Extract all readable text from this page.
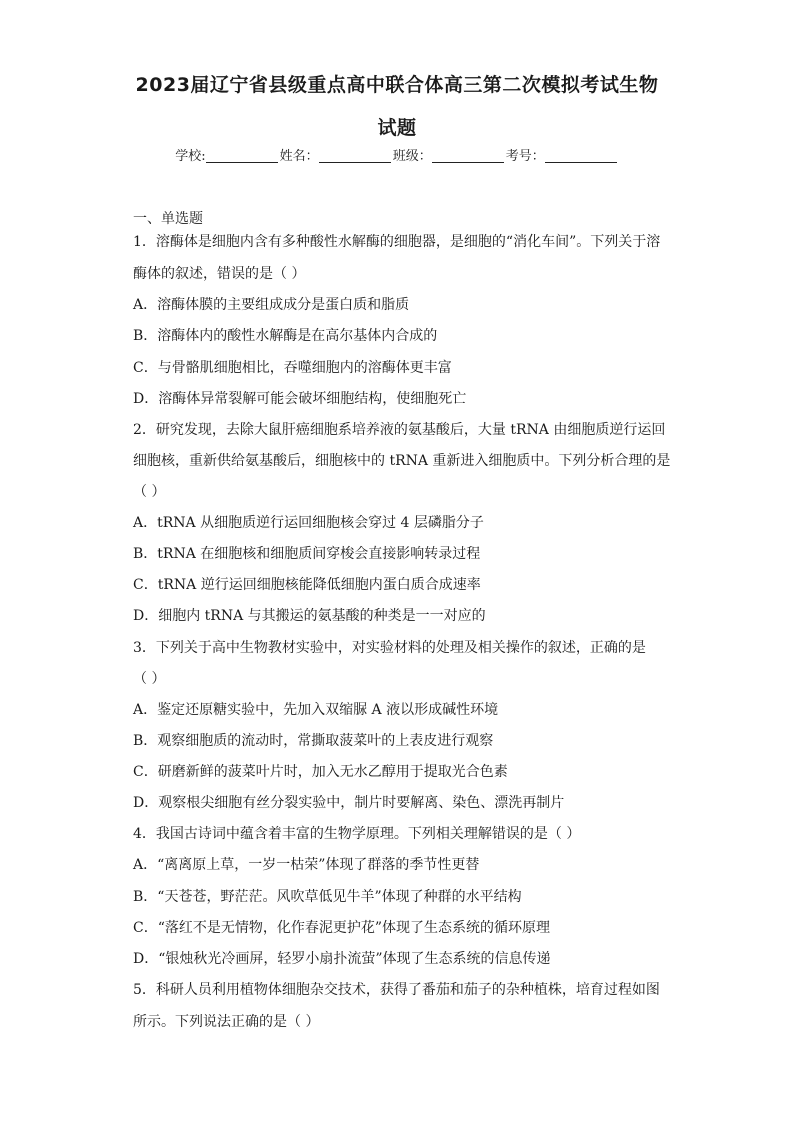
2023届辽宁省县级重点高中联合体高三第二次模拟考试生物
试题
学校:	姓名：	班级：	考号：
一、单选题
1．溶酶体是细胞内含有多种酸性水解酶的细胞器，是细胞的“消化车间”。下列关于溶
酶体的叙述，错误的是（ ）
A．溶酶体膜的主要组成成分是蛋白质和脂质
B．溶酶体内的酸性水解酶是在高尔基体内合成的
C．与骨骼肌细胞相比，吞噬细胞内的溶酶体更丰富
D．溶酶体异常裂解可能会破坏细胞结构，使细胞死亡
2．研究发现，去除大鼠肝癌细胞系培养液的氨基酸后，大量 tRNA 由细胞质逆行运回
细胞核，重新供给氨基酸后，细胞核中的 tRNA 重新进入细胞质中。下列分析合理的是
（ ）
A．tRNA 从细胞质逆行运回细胞核会穿过 4 层磷脂分子
B．tRNA 在细胞核和细胞质间穿梭会直接影响转录过程
C．tRNA 逆行运回细胞核能降低细胞内蛋白质合成速率
D．细胞内 tRNA 与其搬运的氨基酸的种类是一一对应的
3．下列关于高中生物教材实验中，对实验材料的处理及相关操作的叙述，正确的是
（ ）
A．鉴定还原糖实验中，先加入双缩脲 A 液以形成碱性环境
B．观察细胞质的流动时，常撕取菠菜叶的上表皮进行观察
C．研磨新鲜的菠菜叶片时，加入无水乙醇用于提取光合色素
D．观察根尖细胞有丝分裂实验中，制片时要解离、染色、漂洗再制片
4．我国古诗词中蕴含着丰富的生物学原理。下列相关理解错误的是（ ）
A．“离离原上草，一岁一枯荣”体现了群落的季节性更替
B．“天苍苍，野茫茫。风吹草低见牛羊”体现了种群的水平结构
C．“落红不是无情物，化作春泥更护花”体现了生态系统的循环原理
D．“银烛秋光冷画屏，轻罗小扇扑流萤”体现了生态系统的信息传递
5．科研人员利用植物体细胞杂交技术，获得了番茄和茄子的杂种植株，培育过程如图
所示。下列说法正确的是（ ）
